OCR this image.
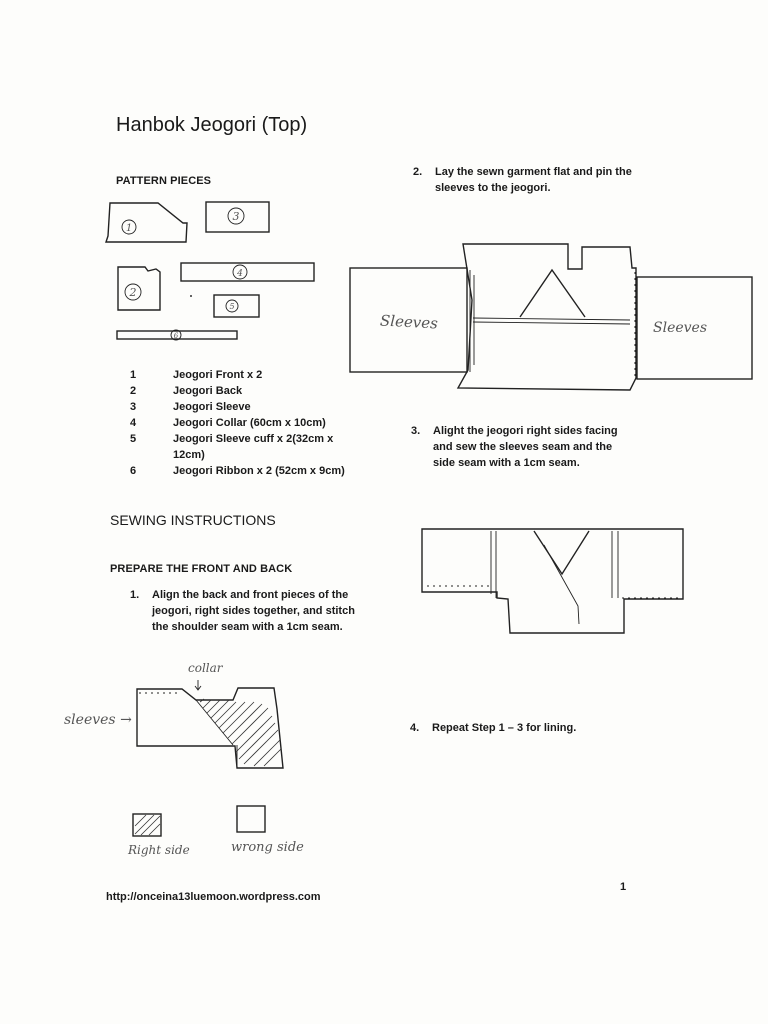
Hanbok Jeogori (Top)
PATTERN PIECES
1
3
4
2
5
6
Sleeves	Sleeves
collar
sleeves →
Right side	wrong side
1	Jeogori Front x 2
2	Jeogori Back
3	Jeogori Sleeve
4	Jeogori Collar (60cm x 10cm)
5	Jeogori Sleeve cuff x 2(32cm x 12cm)
6	Jeogori Ribbon x 2 (52cm x 9cm)
SEWING INSTRUCTIONS
PREPARE THE FRONT AND BACK
1.	Align the back and front pieces of the jeogori, right sides together, and stitch the shoulder seam with a 1cm seam.
2.	Lay the sewn garment flat and pin the sleeves to the jeogori.
3.	Alight the jeogori right sides facing and sew the sleeves seam and the side seam with a 1cm seam.
4.	Repeat Step 1 – 3 for lining.
http://onceina13luemoon.wordpress.com
1
